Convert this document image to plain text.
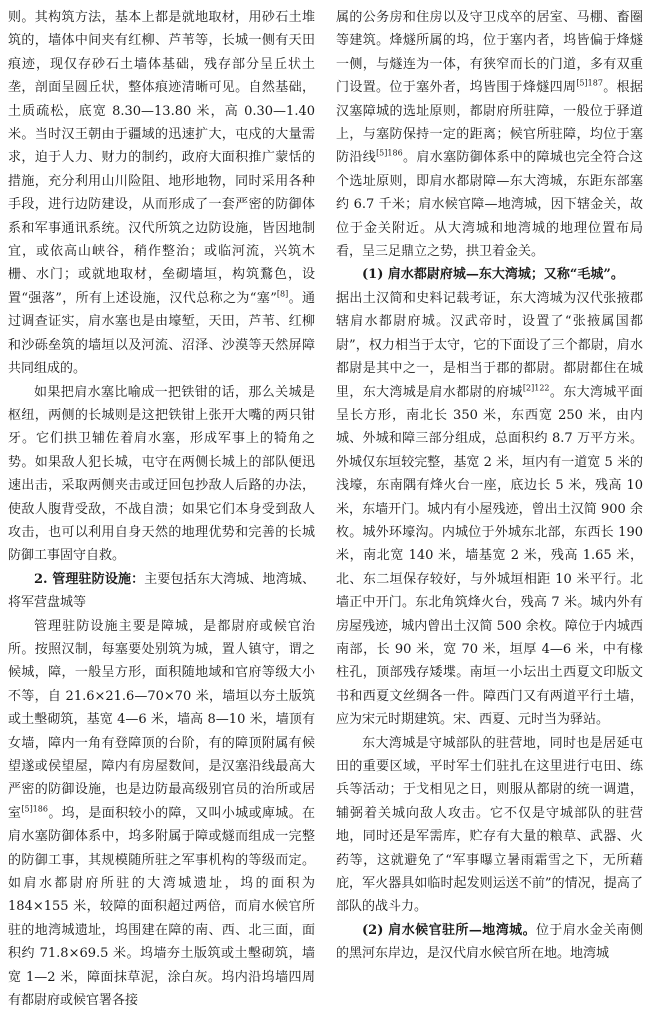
则。其构筑方法，基本上都是就地取材，用砂石土堆筑的，墙体中间夹有红柳、芦苇等，长城一侧有天田痕迹，现仅存砂石土墙体基础，残存部分呈丘状土垄，剖面呈圆丘状，整体痕迹清晰可见。自然基础，土质疏松，底宽 8.30—13.80 米，高 0.30—1.40 米。当时汉王朝由于疆域的迅速扩大，屯戍的大量需求，迫于人力、财力的制约，政府大面积推广蒙恬的措施，充分利用山川险阻、地形地物，同时采用各种手段，进行边防建设，从而形成了一套严密的防御体系和军事通讯系统。汉代所筑之边防设施，皆因地制宜，或依高山峡谷，稍作整治；或临河流，兴筑木栅、水门；或就地取材，垒砌墙垣，构筑鶩色，设置“强落”，所有上述设施，汉代总称之为“塞”[8]。通过调查证实，肩水塞也是由壕堑，天田，芦苇、红柳和沙砾垒筑的墙垣以及河流、沼泽、沙漠等天然屏障共同组成的。

如果把肩水塞比喻成一把铁钳的话，那么关城是枢纽，两侧的长城则是这把铁钳上张开大嘴的两只钳牙。它们拱卫辅佐着肩水塞，形成军事上的犄角之势。如果敌人犯长城，屯守在两侧长城上的部队便迅速出击，采取两侧夹击或迂回包抄敌人后路的办法，使敌人腹背受敌，不战自溃；如果它们本身受到敌人攻击，也可以利用自身天然的地理优势和完善的长城防御工事固守自救。

2. 管理驻防设施：主要包括东大湾城、地湾城、将军营盘城等

管理驻防设施主要是障城，是都尉府或候官治所。按照汉制，每塞要处别筑为城，置人镇守，谓之候城，障，一般呈方形，面积随地域和官府等级大小不等，自 21.6×21.6—70×70 米，墙垣以夯土版筑或土墼砌筑，基宽 4—6 米，墙高 8—10 米，墙顶有女墙，障内一角有登障顶的台阶，有的障顶附属有候望遂或侯望屋，障内有房屋数间，是汉塞沿线最高大严密的防御设施，也是边防最高级别官员的治所或居室$^{[5]186}$。坞，是面积较小的障，又叫小城或庳城。在肩水塞防御体系中，坞多附属于障或燧而组成一完整的防御工事，其规模随所驻之军事机构的等级而定。如肩水都尉府所驻的大湾城遗址，坞的面积为 184×155 米，较障的面积超过两倍，而肩水候官所驻的地湾城遗址，坞围建在障的南、西、北三面，面积约 71.8×69.5 米。坞墙夯土版筑或土墼砌筑，墙宽 1—2 米，障面抹草泥，涂白灰。坞内沿坞墙四周有都尉府或候官署各接

属的公务房和住房以及守卫戍卒的居室、马棚、畜圈等建筑。烽燧所属的坞，位于塞内者，坞皆偏于烽燧一侧，与燧连为一体，有狭窄而长的门道，多有双重门设置。位于塞外者，坞皆围于烽燧四周$^{[5]187}$。根据汉塞障城的选址原则，都尉府所驻障，一般位于驿道上，与塞防保持一定的距离；候官所驻障，均位于塞防沿线$^{[5]186}$。肩水塞防御体系中的障城也完全符合这个选址原则，即肩水都尉障—东大湾城，东距东部塞约 6.7 千米；肩水候官障—地湾城，因下辖金关，故位于金关附近。从大湾城和地湾城的地理位置布局看，呈三足鼎立之势，拱卫着金关。

(1) 肩水都尉府城—东大湾城；又称“毛城”。

据出土汉简和史料记载考证，东大湾城为汉代张掖郡辖肩水都尉府城。汉武帝时，设置了“张掖属国都尉”，权力相当于太守，它的下面设了三个都尉，肩水都尉是其中之一，是相当于郡的都尉。都尉都住在城里，东大湾城是肩水都尉的府城$^{[2]122}$。东大湾城平面呈长方形，南北长 350 米，东西宽 250 米，由内城、外城和障三部分组成，总面积约 8.7 万平方米。外城仅东垣较完整，基宽 2 米，垣内有一道宽 5 米的浅壕，东南隅有烽火台一座，底边长 5 米，残高 10 米，东墙开门。城内有小屋残迹，曾出土汉简 900 余枚。城外环壕沟。内城位于外城东北部，东西长 190 米，南北宽 140 米，墙基宽 2 米，残高 1.65 米，北、东二垣保存较好，与外城垣相距 10 米平行。北墙正中开门。东北角筑烽火台，残高 7 米。城内外有房屋残迹，城内曾出土汉简 500 余枚。障位于内城西南部，长 90 米，宽 70 米，垣厚 4—6 米，中有椽柱孔，顶部残存矮堞。南垣一小坛出土西夏文印版文书和西夏文丝绸各一件。障西门又有两道平行土墙，应为宋元时期建筑。宋、西夏、元时当为驿站。

东大湾城是守城部队的驻营地，同时也是居延屯田的重要区域，平时军士们驻扎在这里进行屯田、练兵等活动；于戈相见之日，则服从都尉的统一调遣，辅弼着关城向敌人攻击。它不仅是守城部队的驻营地，同时还是军需库，贮存有大量的粮草、武器、火药等，这就避免了“军事曝立暑雨霜雪之下，无所藉庇，军火器具如临时起发则运送不前”的情况，提高了部队的战斗力。

(2) 肩水候官驻所—地湾城。位于肩水金关南侧的黑河东岸边，是汉代肩水候官所在地。地湾城
